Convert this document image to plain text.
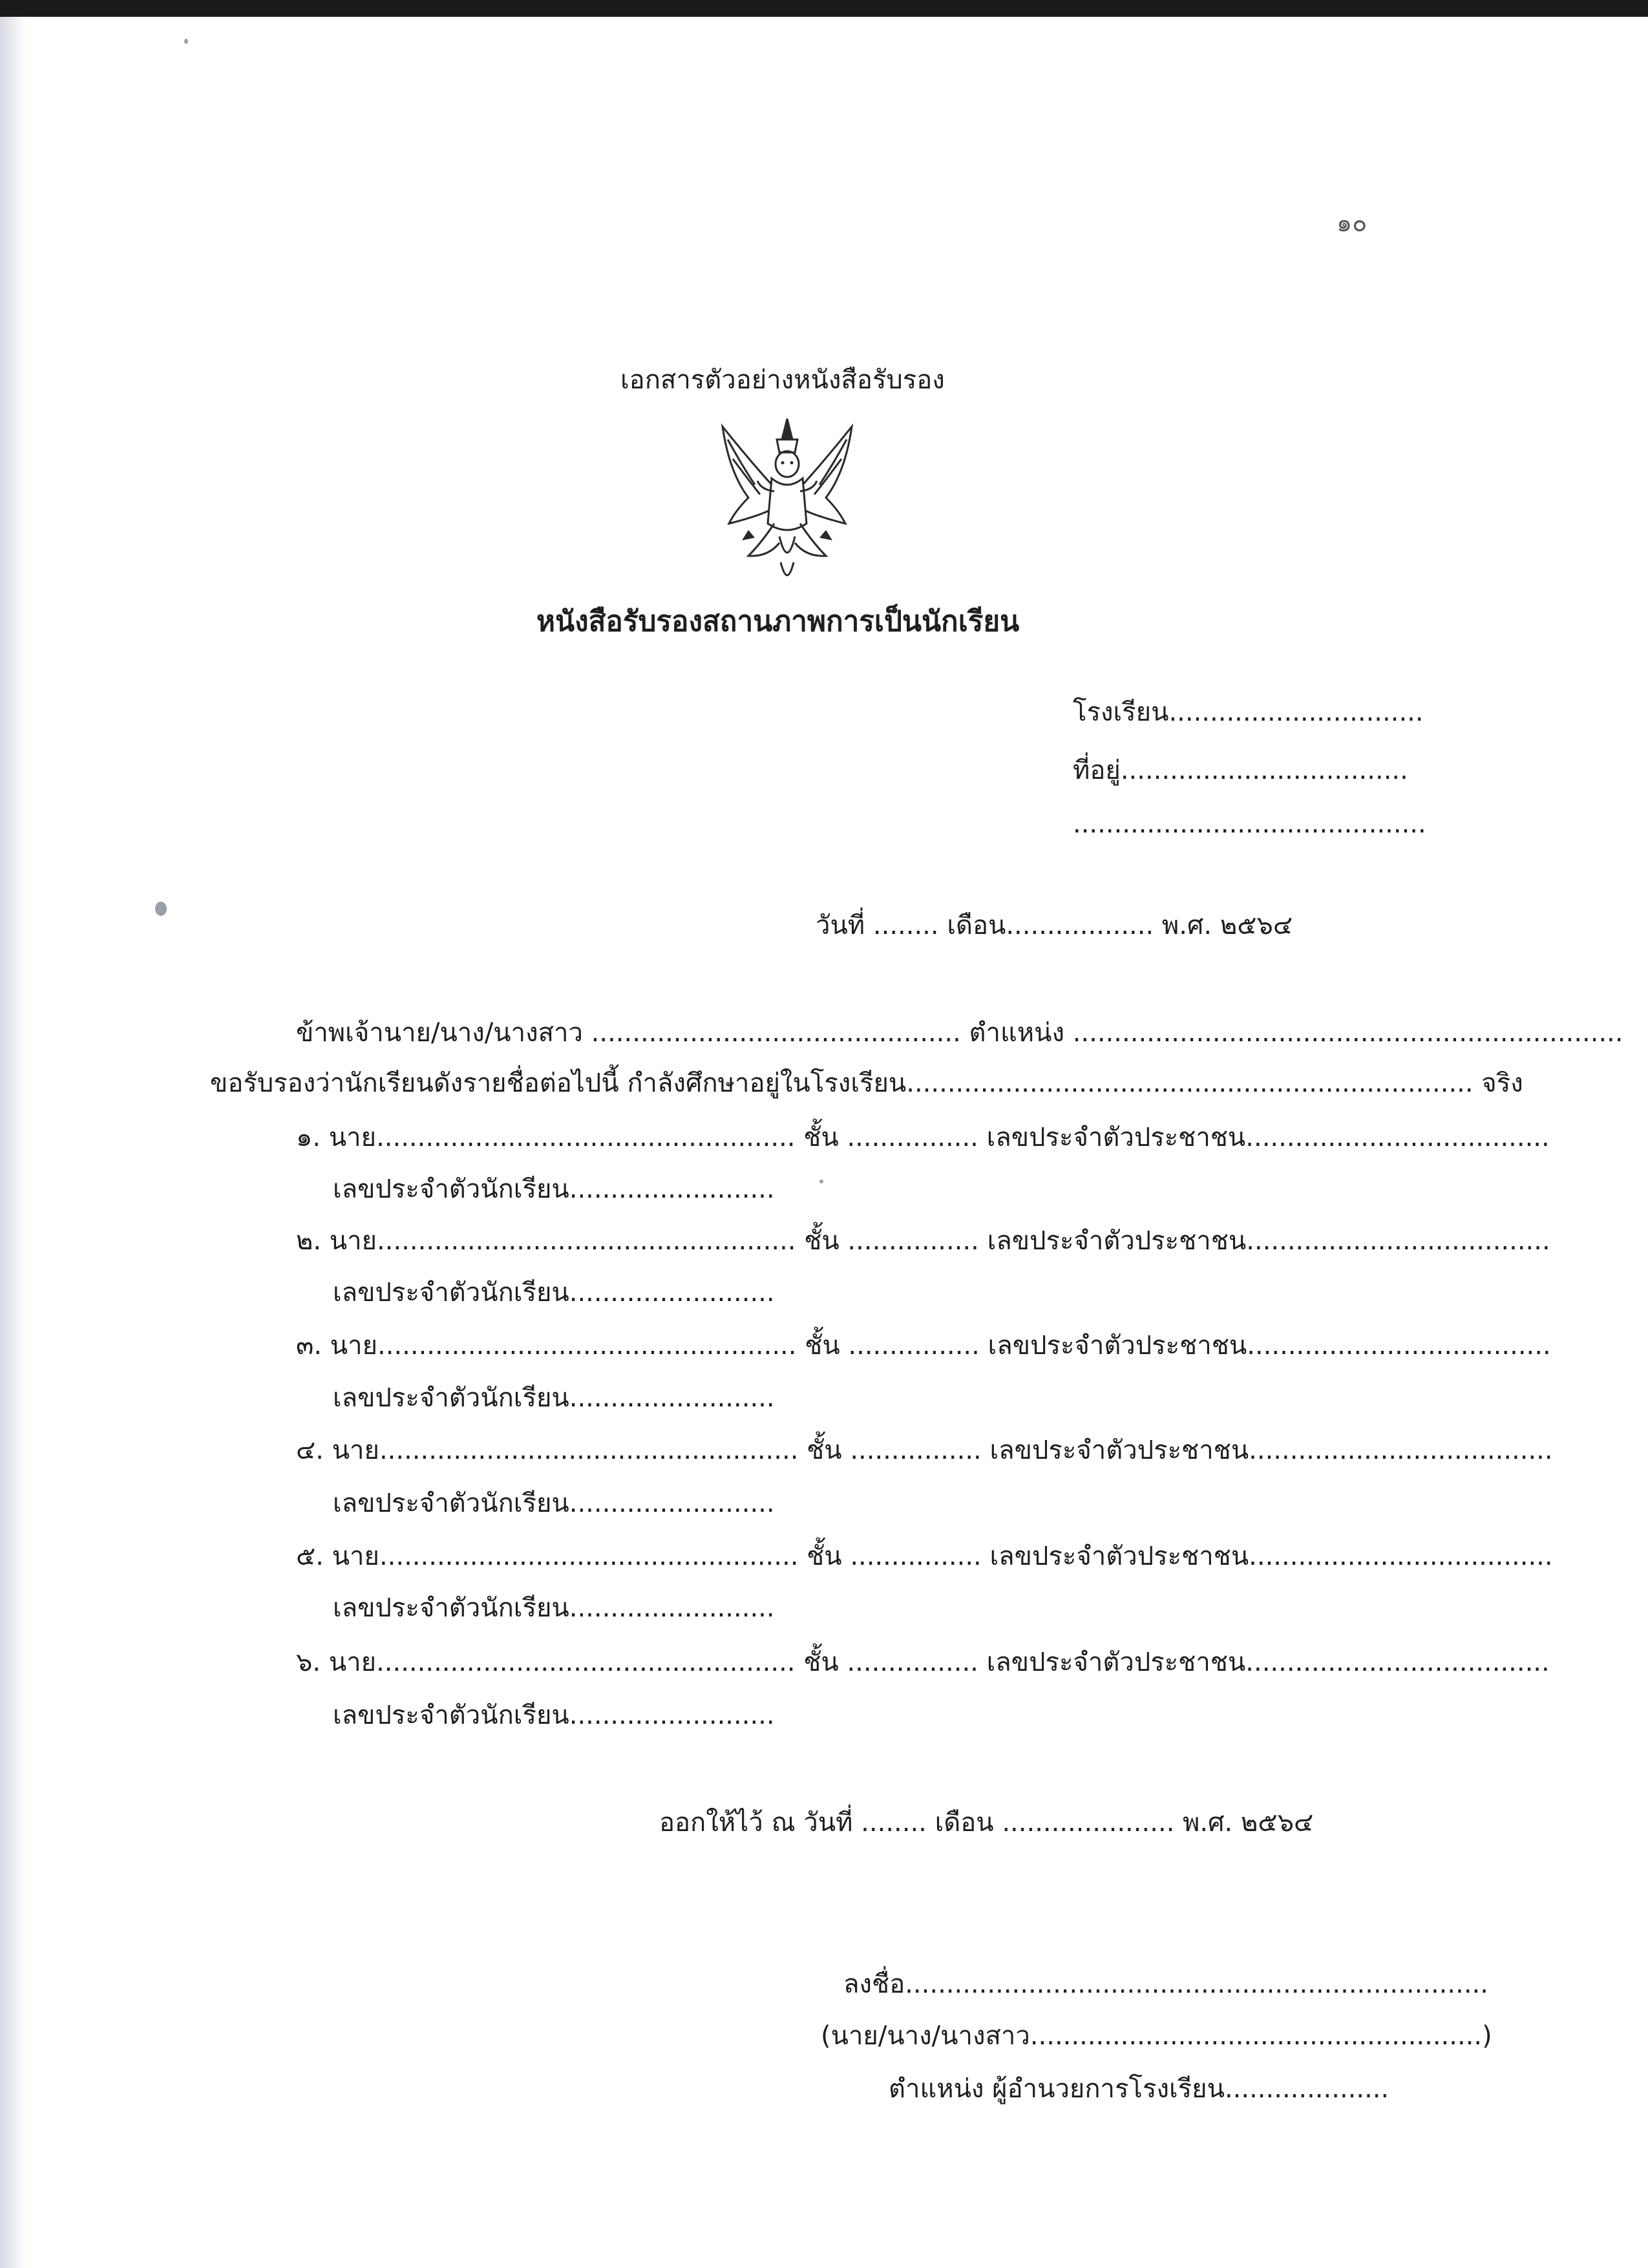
๑๐
เอกสารตัวอย่างหนังสือรับรอง
หนังสือรับรองสถานภาพการเป็นนักเรียน
โรงเรียน...............................
ที่อยู่...................................
...........................................
วันที่ ........ เดือน.................. พ.ศ. ๒๕๖๔
ข้าพเจ้านาย/นาง/นางสาว ............................................. ตำแหน่ง ...................................................................
ขอรับรองว่านักเรียนดังรายชื่อต่อไปนี้ กำลังศึกษาอยู่ในโรงเรียน..................................................................... จริง
๑. นาย................................................... ชั้น ................ เลขประจำตัวประชาชน.....................................
เลขประจำตัวนักเรียน.........................
๒. นาย................................................... ชั้น ................ เลขประจำตัวประชาชน.....................................
เลขประจำตัวนักเรียน.........................
๓. นาย................................................... ชั้น ................ เลขประจำตัวประชาชน.....................................
เลขประจำตัวนักเรียน.........................
๔. นาย................................................... ชั้น ................ เลขประจำตัวประชาชน.....................................
เลขประจำตัวนักเรียน.........................
๕. นาย................................................... ชั้น ................ เลขประจำตัวประชาชน.....................................
เลขประจำตัวนักเรียน.........................
๖. นาย................................................... ชั้น ................ เลขประจำตัวประชาชน.....................................
เลขประจำตัวนักเรียน.........................
ออกให้ไว้ ณ วันที่ ........ เดือน ..................... พ.ศ. ๒๕๖๔
ลงชื่อ.......................................................................
(นาย/นาง/นางสาว.......................................................)
ตำแหน่ง ผู้อำนวยการโรงเรียน....................
